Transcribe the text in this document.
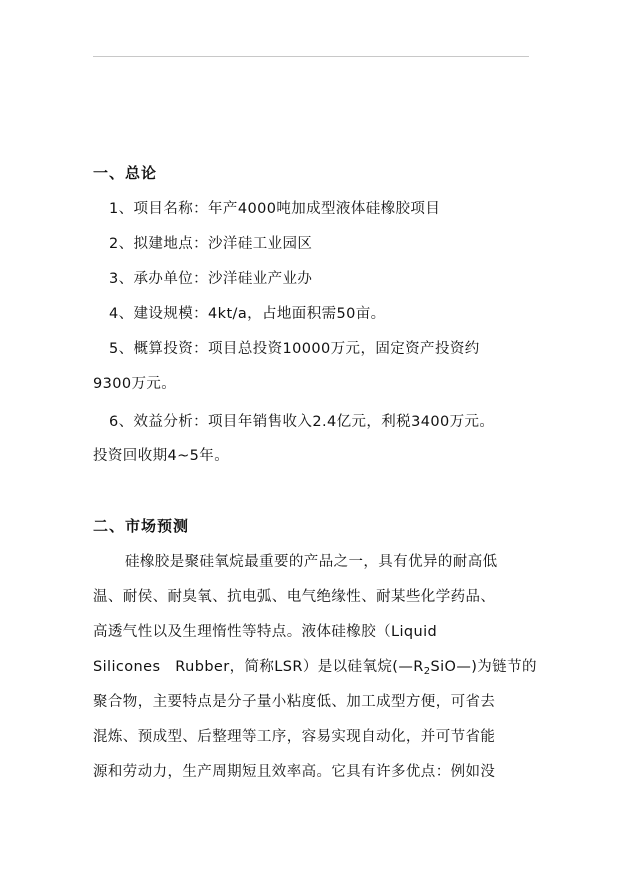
一、总论
1、项目名称：年产4000吨加成型液体硅橡胶项目
2、拟建地点：沙洋硅工业园区
3、承办单位：沙洋硅业产业办
4、建设规模：4kt/a，占地面积需50亩。
5、概算投资：项目总投资10000万元，固定资产投资约
9300万元。
6、效益分析：项目年销售收入2.4亿元，利税3400万元。
投资回收期4~5年。
二、市场预测
硅橡胶是聚硅氧烷最重要的产品之一，具有优异的耐高低
温、耐侯、耐臭氧、抗电弧、电气绝缘性、耐某些化学药品、
高透气性以及生理惰性等特点。液体硅橡胶（Liquid
Silicones　Rubber，简称LSR）是以硅氧烷$(—R_2SiO—)$为链节的
聚合物，主要特点是分子量小粘度低、加工成型方便，可省去
混炼、预成型、后整理等工序，容易实现自动化，并可节省能
源和劳动力，生产周期短且效率高。它具有许多优点：例如没
